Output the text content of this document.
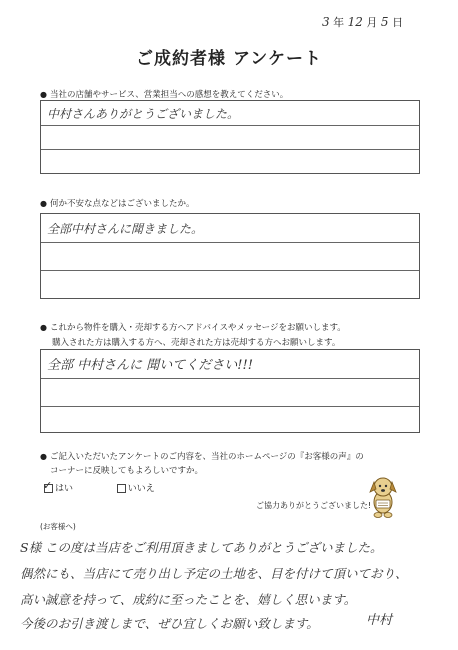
3 年 12 月 5 日
ご成約者様 アンケート
● 当社の店舗やサービス、営業担当への感想を教えてください。
中村さんありがとうございました。
● 何か不安な点などはございましたか。
全部中村さんに聞きました。
● これから物件を購入・売却する方へアドバイスやメッセージをお願いします。
購入された方は購入する方へ、売却された方は売却する方へお願いします。
全部 中村さんに 聞いてください!!!
● ご記入いただいたアンケートのご内容を、当社のホームページの『お客様の声』の
コーナーに反映してもよろしいですか。
✓ はい	いいえ
ご協力ありがとうございました!
(お客様へ)
S様 この度は当店をご利用頂きましてありがとうございました。
偶然にも、当店にて売り出し予定の土地を、目を付けて頂いており、
高い誠意を持って、成約に至ったことを、嬉しく思います。
今後のお引き渡しまで、ぜひ宜しくお願い致します。	中村
